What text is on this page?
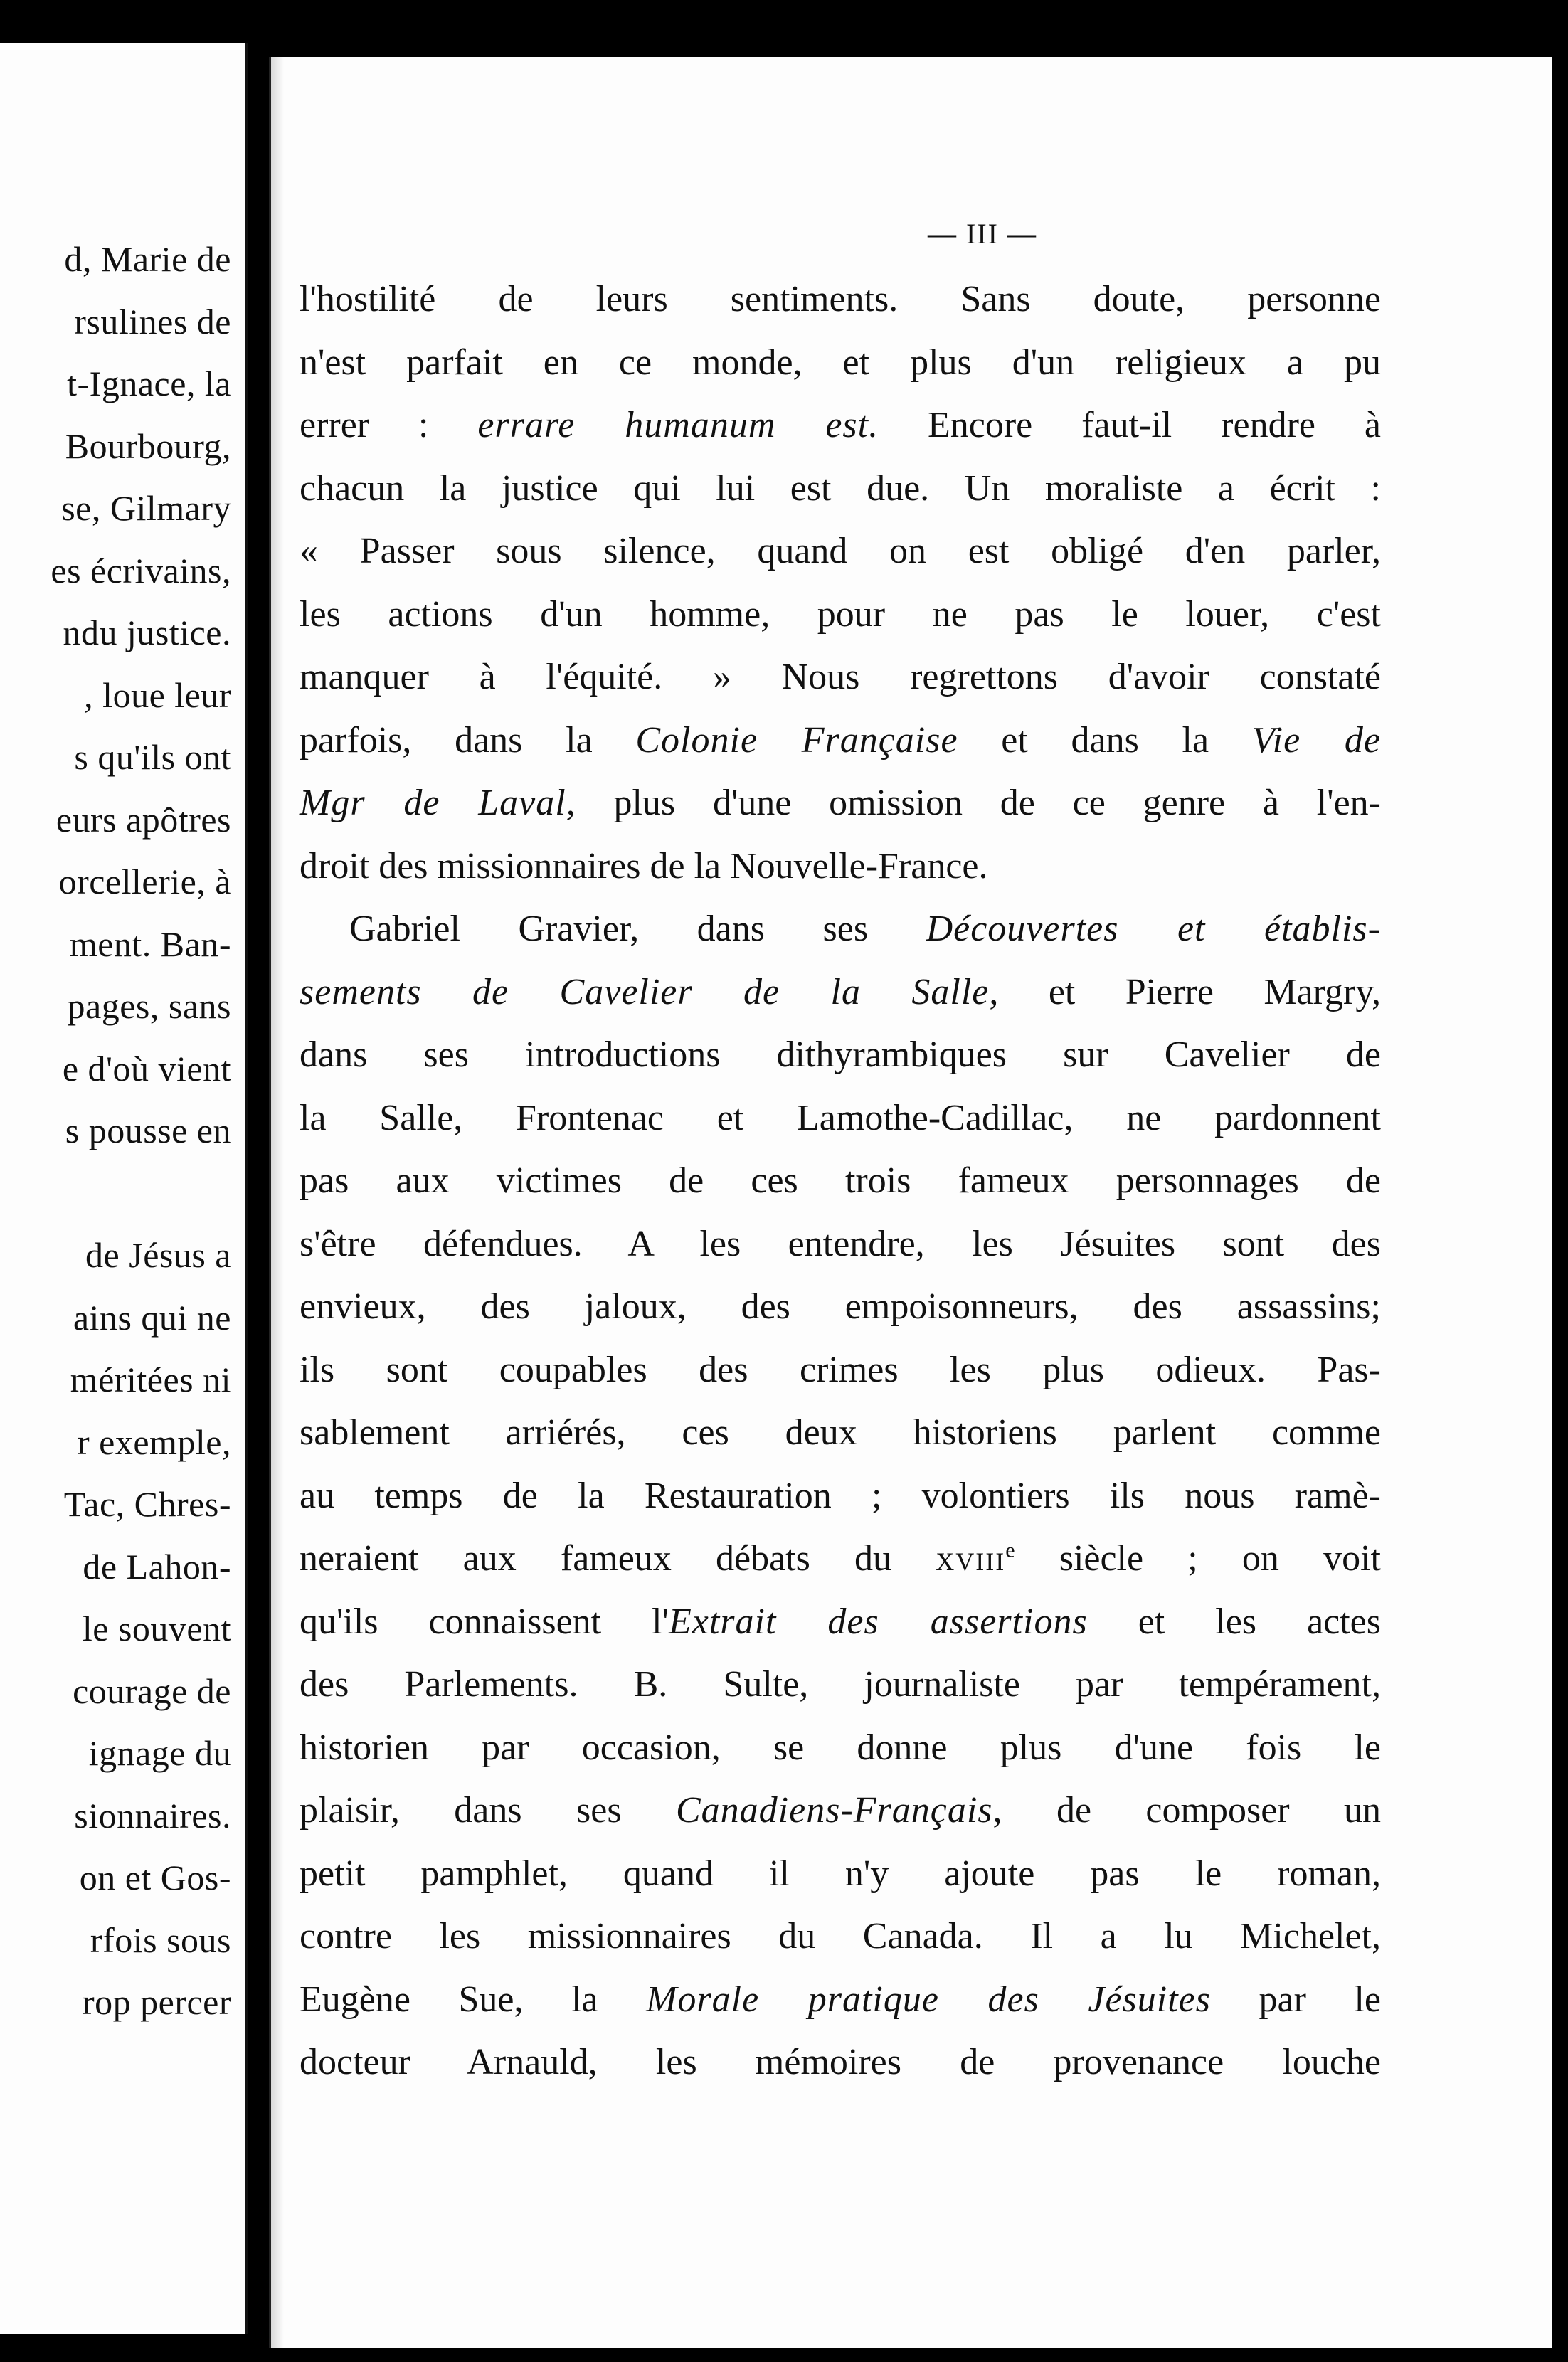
d, Marie de
rsulines de
t-Ignace, la
Bourbourg,
se, Gilmary
es écrivains,
ndu justice.
, loue leur
s qu'ils ont
eurs apôtres
orcellerie, à
ment. Ban-
pages, sans
e d'où vient
s pousse en
de Jésus a
ains qui ne
méritées ni
r exemple,
Tac, Chres-
de Lahon-
le souvent
courage de
ignage du
sionnaires.
on et Gos-
rfois sous
rop percer
— III —
l'hostilité de leurs sentiments. Sans doute, personne
n'est parfait en ce monde, et plus d'un religieux a pu
errer : errare humanum est. Encore faut-il rendre à
chacun la justice qui lui est due. Un moraliste a écrit :
« Passer sous silence, quand on est obligé d'en parler,
les actions d'un homme, pour ne pas le louer, c'est
manquer à l'équité. » Nous regrettons d'avoir constaté
parfois, dans la Colonie Française et dans la Vie de
Mgr de Laval, plus d'une omission de ce genre à l'en-
droit des missionnaires de la Nouvelle-France.
Gabriel Gravier, dans ses Découvertes et établis-
sements de Cavelier de la Salle, et Pierre Margry,
dans ses introductions dithyrambiques sur Cavelier de
la Salle, Frontenac et Lamothe-Cadillac, ne pardonnent
pas aux victimes de ces trois fameux personnages de
s'être défendues. A les entendre, les Jésuites sont des
envieux, des jaloux, des empoisonneurs, des assassins;
ils sont coupables des crimes les plus odieux. Pas-
sablement arriérés, ces deux historiens parlent comme
au temps de la Restauration ; volontiers ils nous ramè-
neraient aux fameux débats du XVIIIe siècle ; on voit
qu'ils connaissent l'Extrait des assertions et les actes
des Parlements. B. Sulte, journaliste par tempérament,
historien par occasion, se donne plus d'une fois le
plaisir, dans ses Canadiens-Français, de composer un
petit pamphlet, quand il n'y ajoute pas le roman,
contre les missionnaires du Canada. Il a lu Michelet,
Eugène Sue, la Morale pratique des Jésuites par le
docteur Arnauld, les mémoires de provenance louche
